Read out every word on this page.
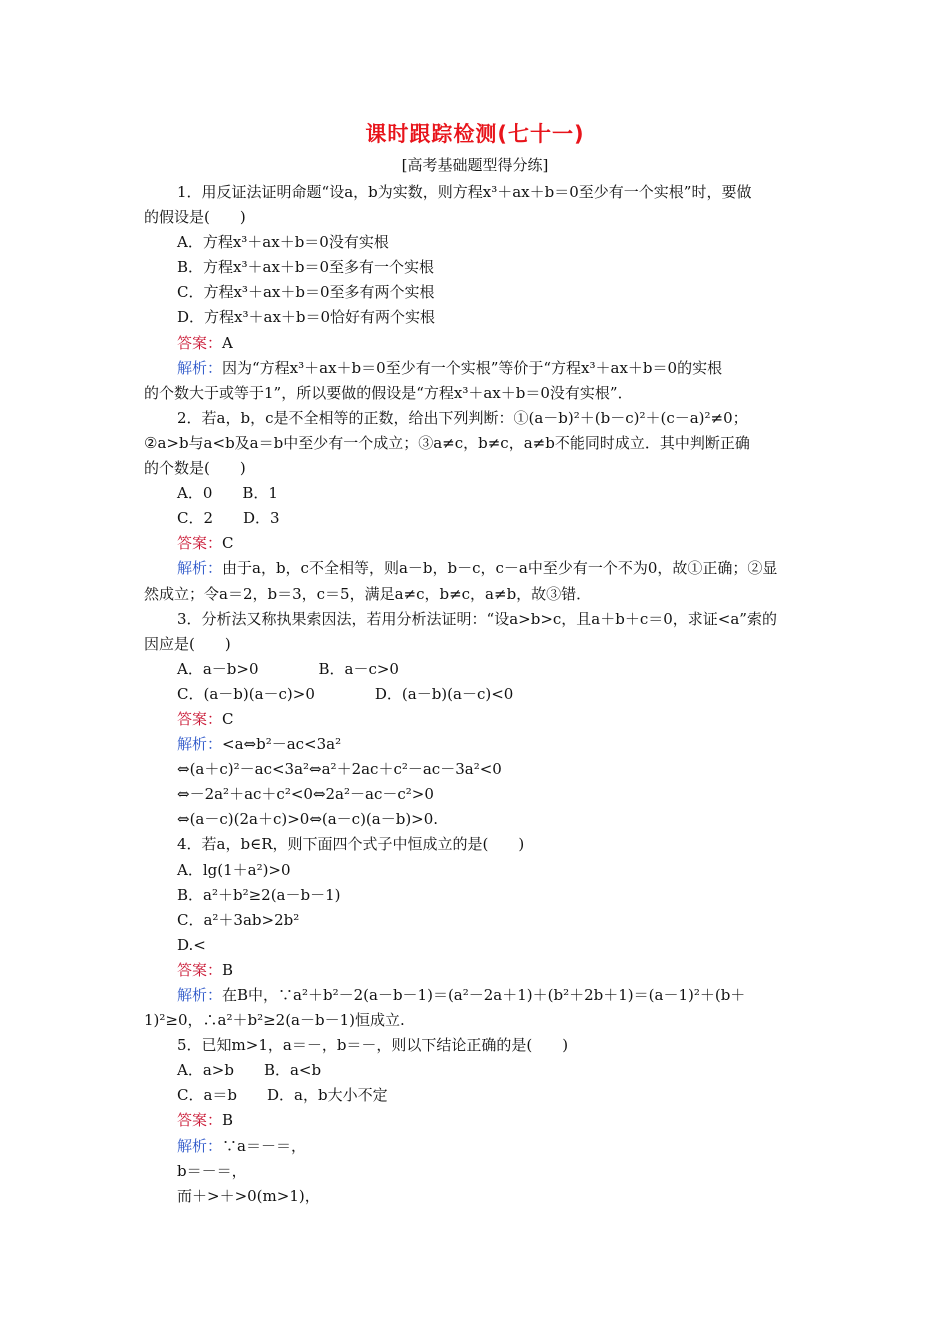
课时跟踪检测(七十一)
[高考基础题型得分练]
1．用反证法证明命题“设a，b为实数，则方程x³＋ax＋b＝0至少有一个实根”时，要做
的假设是(　　)
A．方程x³＋ax＋b＝0没有实根
B．方程x³＋ax＋b＝0至多有一个实根
C．方程x³＋ax＋b＝0至多有两个实根
D．方程x³＋ax＋b＝0恰好有两个实根
答案：A
解析：因为“方程x³＋ax＋b＝0至少有一个实根”等价于“方程x³＋ax＋b＝0的实根
的个数大于或等于1”，所以要做的假设是“方程x³＋ax＋b＝0没有实根”．
2．若a，b，c是不全相等的正数，给出下列判断：①(a－b)²＋(b－c)²＋(c－a)²≠0；
②a>b与a<b及a＝b中至少有一个成立；③a≠c，b≠c，a≠b不能同时成立．其中判断正确
的个数是(　　)
A．0　　B．1
C．2　　D．3
答案：C
解析：由于a，b，c不全相等，则a－b，b－c，c－a中至少有一个不为0，故①正确；②显
然成立；令a＝2，b＝3，c＝5，满足a≠c，b≠c，a≠b，故③错．
3．分析法又称执果索因法，若用分析法证明：“设a>b>c，且a＋b＋c＝0，求证<a”索的
因应是(　　)
A．a－b>0　　　　B．a－c>0
C．(a－b)(a－c)>0　　　　D．(a－b)(a－c)<0
答案：C
解析：<a⇔b²－ac<3a²
⇔(a＋c)²－ac<3a²⇔a²＋2ac＋c²－ac－3a²<0
⇔－2a²＋ac＋c²<0⇔2a²－ac－c²>0
⇔(a－c)(2a＋c)>0⇔(a－c)(a－b)>0.
4．若a，b∈R，则下面四个式子中恒成立的是(　　)
A．lg(1＋a²)>0
B．a²＋b²≥2(a－b－1)
C．a²＋3ab>2b²
D.<
答案：B
解析：在B中，∵a²＋b²－2(a－b－1)＝(a²－2a＋1)＋(b²＋2b＋1)＝(a－1)²＋(b＋
1)²≥0，∴a²＋b²≥2(a－b－1)恒成立.
5．已知m>1，a＝－，b＝－，则以下结论正确的是(　　)
A．a>b　　B．a<b
C．a＝b　　D．a，b大小不定
答案：B
解析：∵a＝－＝，
b＝－＝，
而＋>＋>0(m>1)，
